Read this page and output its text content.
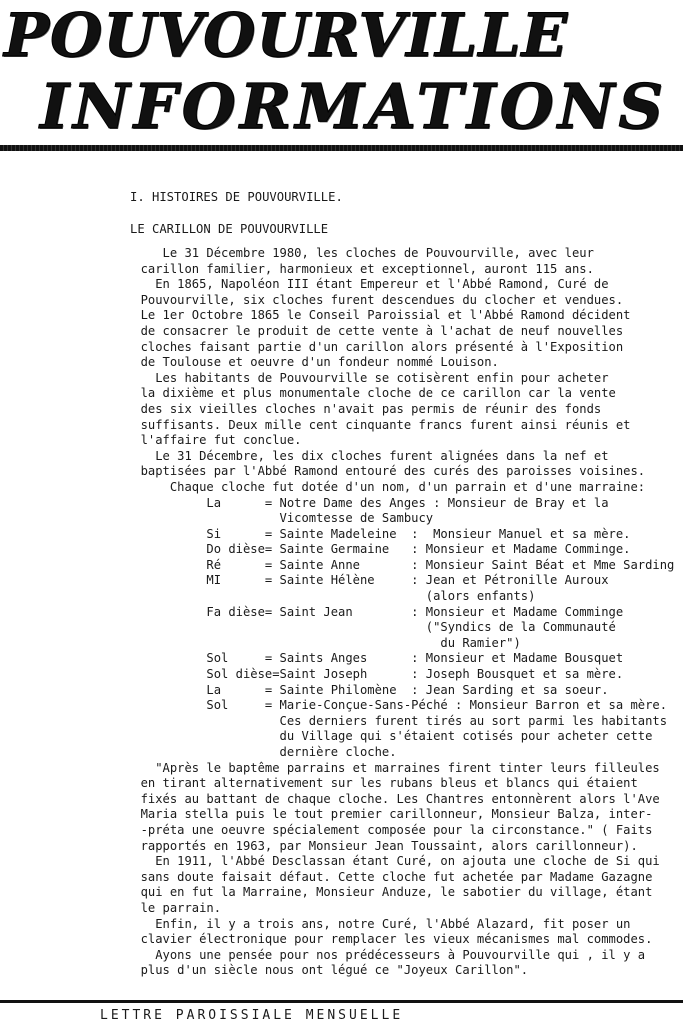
POUVOURVILLE
INFORMATIONS

I. HISTOIRES DE POUVOURVILLE.

LE CARILLON DE POUVOURVILLE

Le 31 Décembre 1980, les cloches de Pouvourville, avec leur
carillon familier, harmonieux et exceptionnel, auront 115 ans.
En 1865, Napoléon III étant Empereur et l'Abbé Ramond, Curé de
Pouvourville, six cloches furent descendues du clocher et vendues.
Le 1er Octobre 1865 le Conseil Paroissial et l'Abbé Ramond décident
de consacrer le produit de cette vente à l'achat de neuf nouvelles
cloches faisant partie d'un carillon alors présenté à l'Exposition
de Toulouse et oeuvre d'un fondeur nommé Louison.
Les habitants de Pouvourville se cotisèrent enfin pour acheter
la dixième et plus monumentale cloche de ce carillon car la vente
des six vieilles cloches n'avait pas permis de réunir des fonds
suffisants. Deux mille cent cinquante francs furent ainsi réunis et
l'affaire fut conclue.
Le 31 Décembre, les dix cloches furent alignées dans la nef et
baptisées par l'Abbé Ramond entouré des curés des paroisses voisines.
Chaque cloche fut dotée d'un nom, d'un parrain et d'une marraine:
La      = Notre Dame des Anges : Monsieur de Bray et la
Vicomtesse de Sambucy
Si      = Sainte Madeleine  :  Monsieur Manuel et sa mère.
Do dièse= Sainte Germaine   : Monsieur et Madame Comminge.
Ré      = Sainte Anne       : Monsieur Saint Béat et Mme Sarding
MI      = Sainte Hélène     : Jean et Pétronille Auroux
(alors enfants)
Fa dièse= Saint Jean        : Monsieur et Madame Comminge
("Syndics de la Communauté
du Ramier")
Sol     = Saints Anges      : Monsieur et Madame Bousquet
Sol dièse=Saint Joseph      : Joseph Bousquet et sa mère.
La      = Sainte Philomène  : Jean Sarding et sa soeur.
Sol     = Marie-Conçue-Sans-Péché : Monsieur Barron et sa mère.
Ces derniers furent tirés au sort parmi les habitants
du Village qui s'étaient cotisés pour acheter cette
dernière cloche.
"Après le baptême parrains et marraines firent tinter leurs filleules
en tirant alternativement sur les rubans bleus et blancs qui étaient
fixés au battant de chaque cloche. Les Chantres entonnèrent alors l'Ave
Maria stella puis le tout premier carillonneur, Monsieur Balza, inter-
-préta une oeuvre spécialement composée pour la circonstance." ( Faits
rapportés en 1963, par Monsieur Jean Toussaint, alors carillonneur).
En 1911, l'Abbé Desclassan étant Curé, on ajouta une cloche de Si qui
sans doute faisait défaut. Cette cloche fut achetée par Madame Gazagne
qui en fut la Marraine, Monsieur Anduze, le sabotier du village, étant
le parrain.
Enfin, il y a trois ans, notre Curé, l'Abbé Alazard, fit poser un
clavier électronique pour remplacer les vieux mécanismes mal commodes.
Ayons une pensée pour nos prédécesseurs à Pouvourville qui , il y a
plus d'un siècle nous ont légué ce "Joyeux Carillon".

LETTRE PAROISSIALE MENSUELLE
